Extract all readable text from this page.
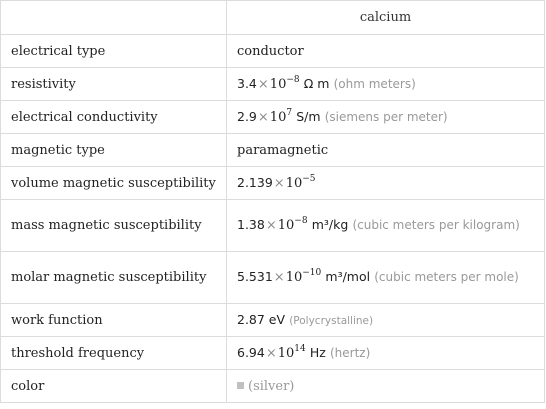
	calcium
electrical type	conductor
resistivity	$3.4\times 10^{-8}$ Ω m (ohm meters)
electrical conductivity	$2.9\times 10^7$ S/m (siemens per meter)
magnetic type	paramagnetic
volume magnetic susceptibility	$2.139\times 10^{-5}$
mass magnetic susceptibility	$1.38\times 10^{-8}$ m³/kg (cubic meters per kilogram)
molar magnetic susceptibility	$5.531\times 10^{-10}$ m³/mol (cubic meters per mole)
work function	2.87 eV (Polycrystalline)
threshold frequency	$6.94\times 10^{14}$ Hz (hertz)
color	(silver)
